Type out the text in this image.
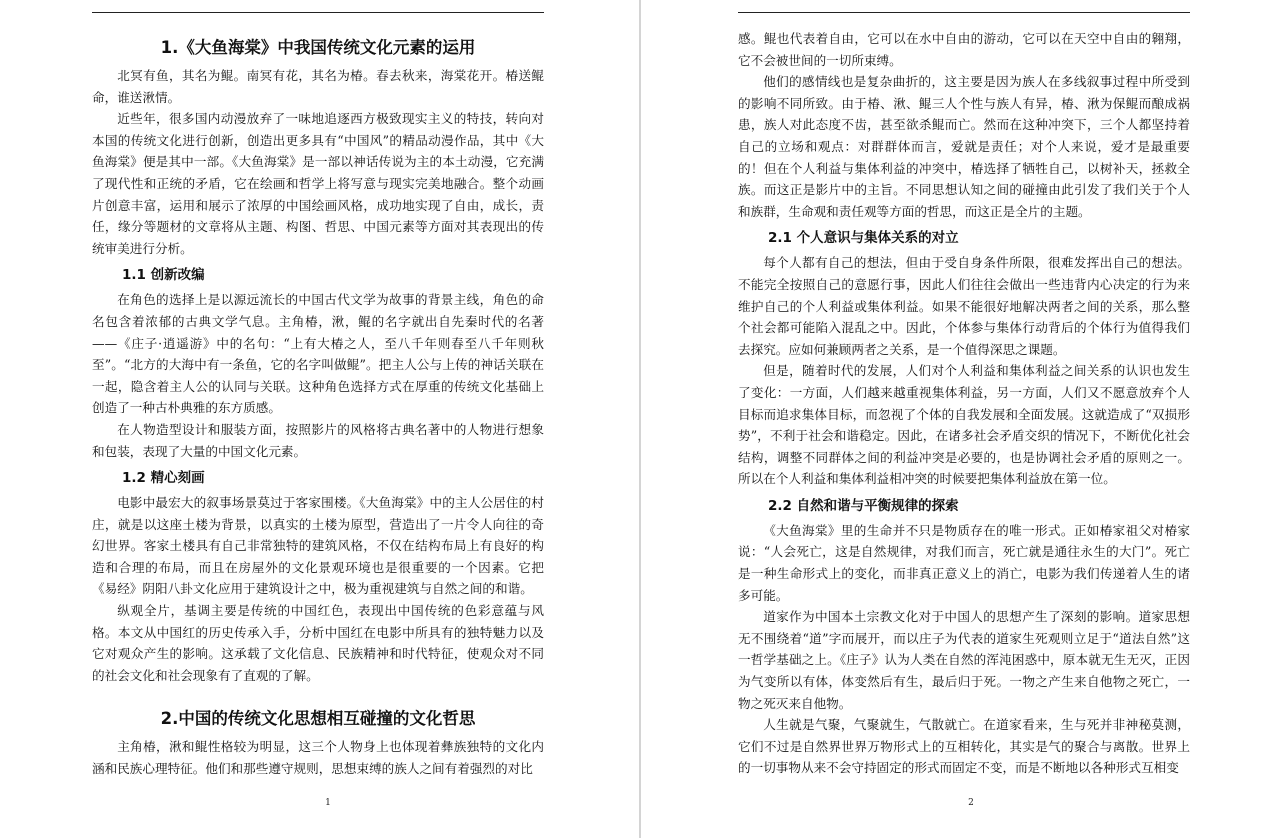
1.《大鱼海棠》中我国传统文化元素的运用

北冥有鱼，其名为鲲。南冥有花，其名为椿。春去秋来，海棠花开。椿送鲲命，谁送湫情。

近些年，很多国内动漫放弃了一味地追逐西方极致现实主义的特技，转向对本国的传统文化进行创新，创造出更多具有“中国风”的精品动漫作品，其中《大鱼海棠》便是其中一部。《大鱼海棠》是一部以神话传说为主的本土动漫，它充满了现代性和正统的矛盾，它在绘画和哲学上将写意与现实完美地融合。整个动画片创意丰富，运用和展示了浓厚的中国绘画风格，成功地实现了自由，成长，责任，缘分等题材的文章将从主题、构图、哲思、中国元素等方面对其表现出的传统审美进行分析。

1.1 创新改编

在角色的选择上是以源远流长的中国古代文学为故事的背景主线，角色的命名包含着浓郁的古典文学气息。主角椿，湫，鲲的名字就出自先秦时代的名著——《庄子·逍遥游》中的名句：“上有大椿之人，至八千年则春至八千年则秋至”。“北方的大海中有一条鱼，它的名字叫做鲲”。把主人公与上传的神话关联在一起，隐含着主人公的认同与关联。这种角色选择方式在厚重的传统文化基础上创造了一种古朴典雅的东方质感。

在人物造型设计和服装方面，按照影片的风格将古典名著中的人物进行想象和包装，表现了大量的中国文化元素。

1.2 精心刻画

电影中最宏大的叙事场景莫过于客家围楼。《大鱼海棠》中的主人公居住的村庄，就是以这座土楼为背景，以真实的土楼为原型，营造出了一片令人向往的奇幻世界。客家土楼具有自己非常独特的建筑风格，不仅在结构布局上有良好的构造和合理的布局，而且在房屋外的文化景观环境也是很重要的一个因素。它把《易经》阴阳八卦文化应用于建筑设计之中，极为重视建筑与自然之间的和谐。

纵观全片，基调主要是传统的中国红色，表现出中国传统的色彩意蕴与风格。本文从中国红的历史传承入手，分析中国红在电影中所具有的独特魅力以及它对观众产生的影响。这承载了文化信息、民族精神和时代特征，使观众对不同的社会文化和社会现象有了直观的了解。

2.中国的传统文化思想相互碰撞的文化哲思

主角椿，湫和鲲性格较为明显，这三个人物身上也体现着彝族独特的文化内涵和民族心理特征。他们和那些遵守规则，思想束缚的族人之间有着强烈的对比

1

感。鲲也代表着自由，它可以在水中自由的游动，它可以在天空中自由的翱翔，它不会被世间的一切所束缚。

他们的感情线也是复杂曲折的，这主要是因为族人在多线叙事过程中所受到的影响不同所致。由于椿、湫、鲲三人个性与族人有异，椿、湫为保鲲而酿成祸患，族人对此态度不齿，甚至欲杀鲲而亡。然而在这种冲突下，三个人都坚持着自己的立场和观点：对群群体而言，爱就是责任；对个人来说，爱才是最重要的！但在个人利益与集体利益的冲突中，椿选择了牺牲自己，以树补天，拯救全族。而这正是影片中的主旨。不同思想认知之间的碰撞由此引发了我们关于个人和族群，生命观和责任观等方面的哲思，而这正是全片的主题。

2.1 个人意识与集体关系的对立

每个人都有自己的想法，但由于受自身条件所限，很难发挥出自己的想法。不能完全按照自己的意愿行事，因此人们往往会做出一些违背内心决定的行为来维护自己的个人利益或集体利益。如果不能很好地解决两者之间的关系，那么整个社会都可能陷入混乱之中。因此，个体参与集体行动背后的个体行为值得我们去探究。应如何兼顾两者之关系，是一个值得深思之课题。

但是，随着时代的发展，人们对个人利益和集体利益之间关系的认识也发生了变化：一方面，人们越来越重视集体利益，另一方面，人们又不愿意放弃个人目标而追求集体目标，而忽视了个体的自我发展和全面发展。这就造成了“双损形势”，不利于社会和谐稳定。因此，在诸多社会矛盾交织的情况下，不断优化社会结构，调整不同群体之间的利益冲突是必要的，也是协调社会矛盾的原则之一。所以在个人利益和集体利益相冲突的时候要把集体利益放在第一位。

2.2 自然和谐与平衡规律的探索

《大鱼海棠》里的生命并不只是物质存在的唯一形式。正如椿家祖父对椿家说：“人会死亡，这是自然规律，对我们而言，死亡就是通往永生的大门”。死亡是一种生命形式上的变化，而非真正意义上的消亡，电影为我们传递着人生的诸多可能。

道家作为中国本土宗教文化对于中国人的思想产生了深刻的影响。道家思想无不围绕着“道”字而展开，而以庄子为代表的道家生死观则立足于“道法自然”这一哲学基础之上。《庄子》认为人类在自然的浑沌困惑中，原本就无生无灭，正因为气变所以有体，体变然后有生，最后归于死。一物之产生来自他物之死亡，一物之死灭来自他物。

人生就是气聚，气聚就生，气散就亡。在道家看来，生与死并非神秘莫测，它们不过是自然界世界万物形式上的互相转化，其实是气的聚合与离散。世界上的一切事物从来不会守持固定的形式而固定不变，而是不断地以各种形式互相变

2
